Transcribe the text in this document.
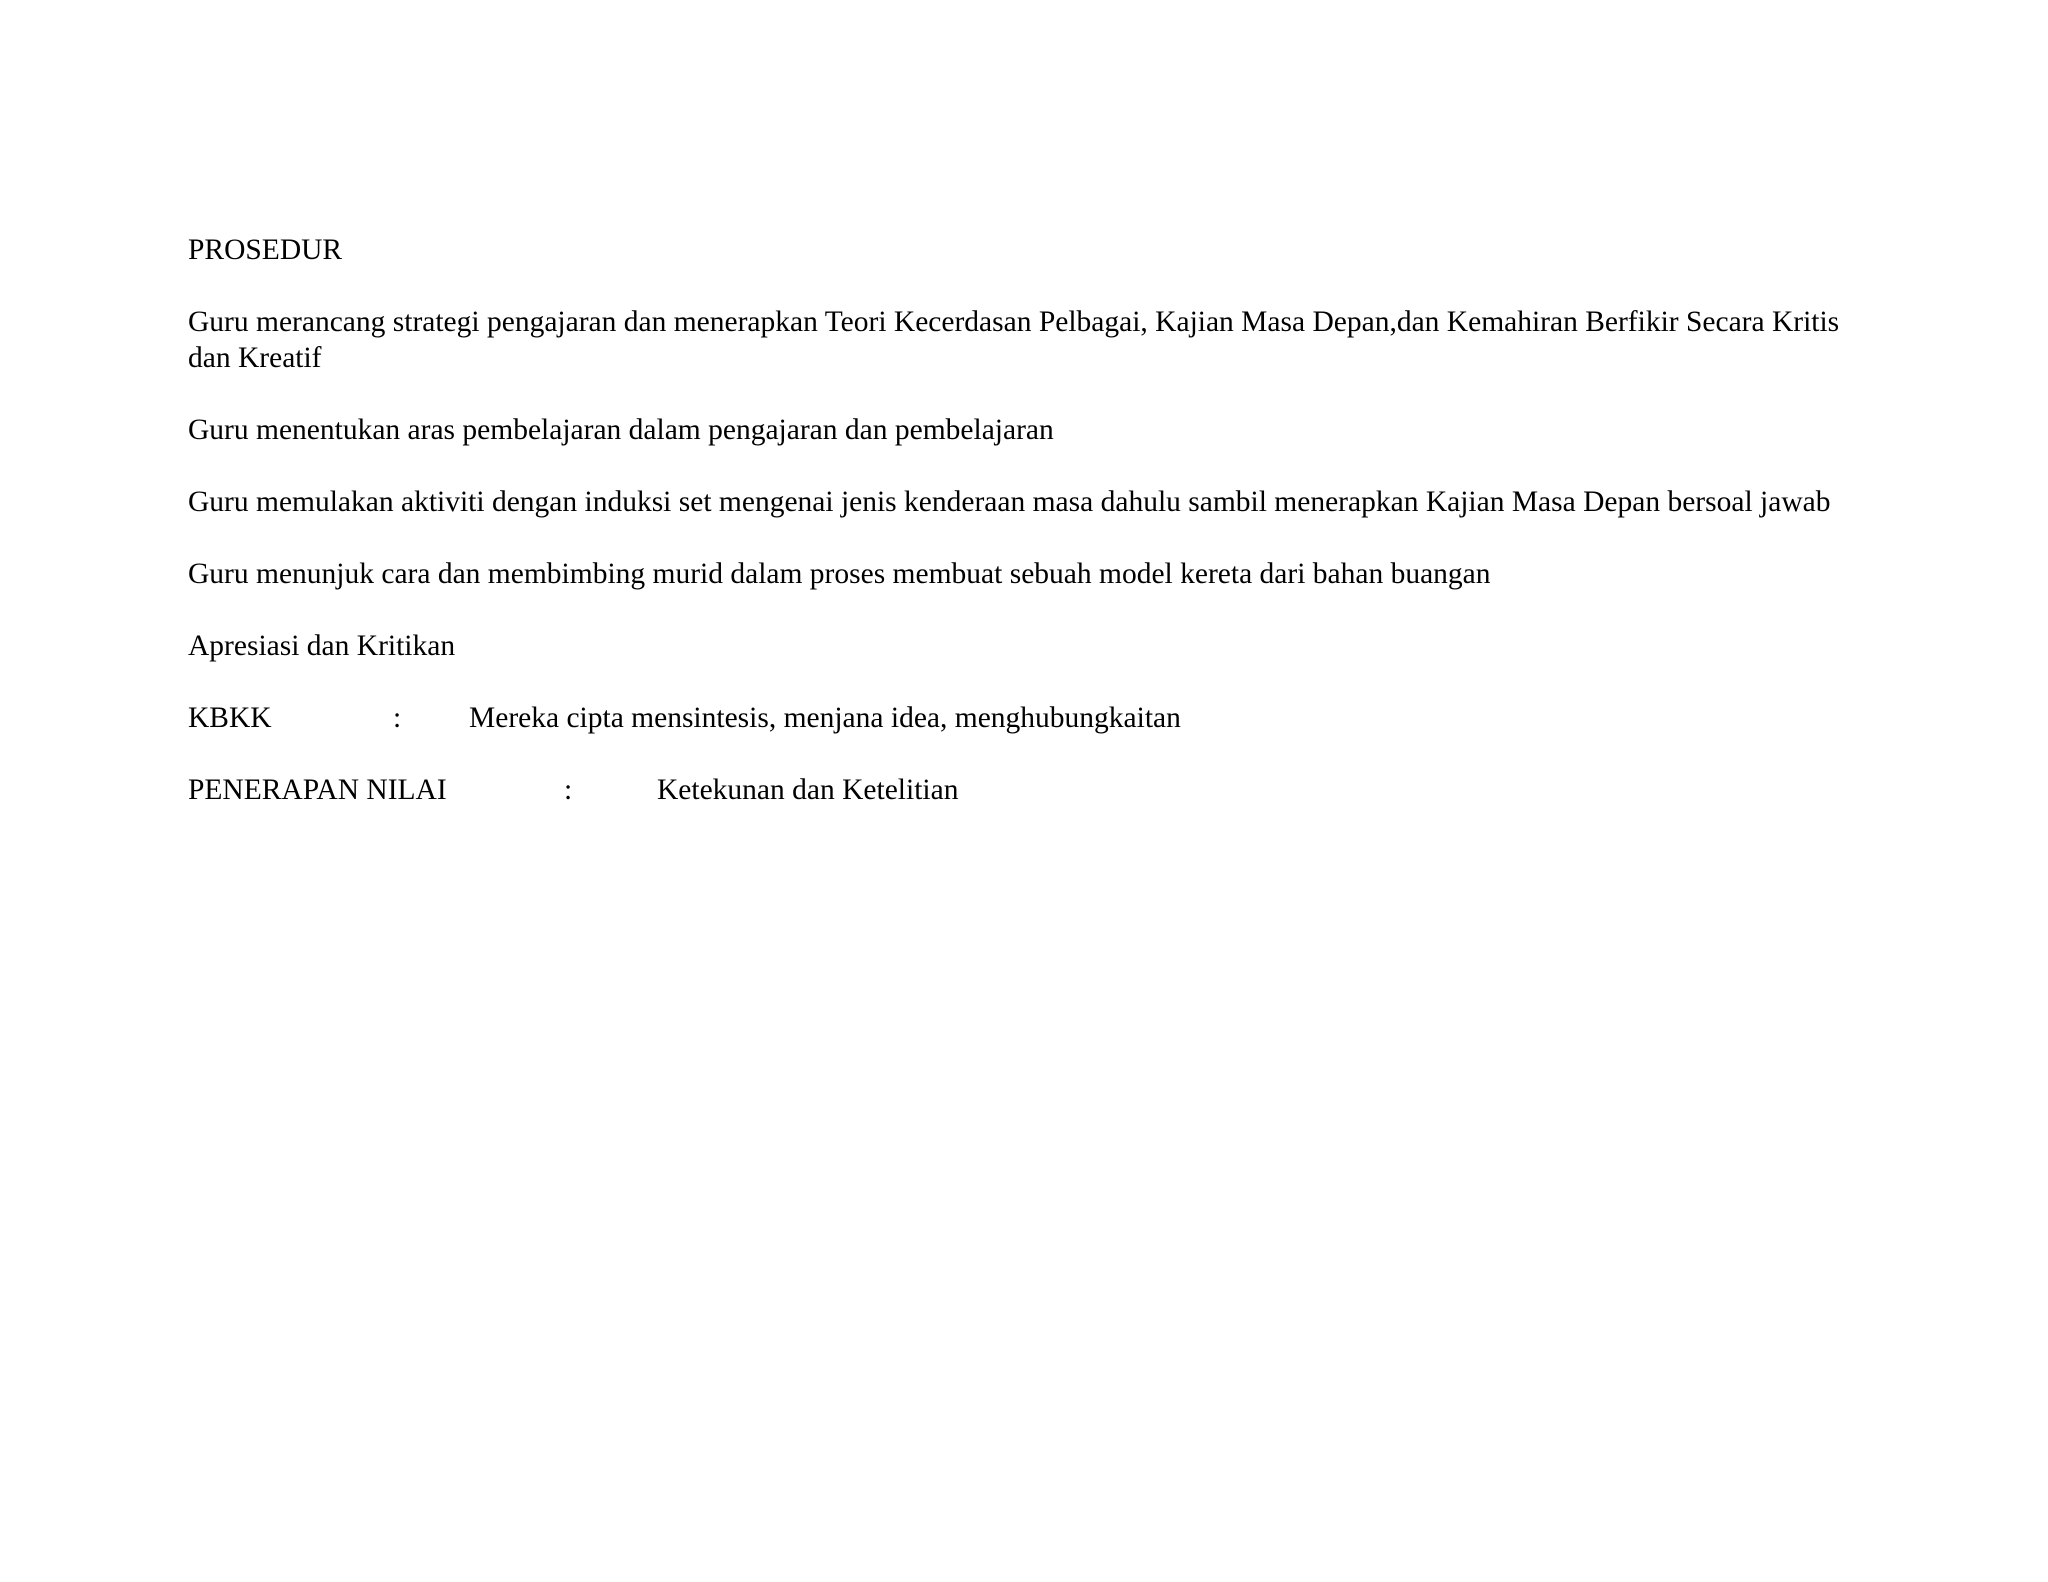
PROSEDUR

Guru merancang strategi pengajaran dan menerapkan Teori Kecerdasan Pelbagai, Kajian Masa Depan,dan Kemahiran Berfikir Secara Kritis dan Kreatif

Guru menentukan aras pembelajaran dalam pengajaran dan pembelajaran

Guru memulakan aktiviti dengan induksi set mengenai jenis kenderaan masa dahulu sambil menerapkan Kajian Masa Depan bersoal jawab

Guru menunjuk cara dan membimbing murid dalam proses membuat sebuah model kereta dari bahan buangan

Apresiasi dan Kritikan

KBKK	: Mereka cipta mensintesis, menjana idea, menghubungkaitan
PENERAPAN NILAI	:	Ketekunan dan Ketelitian
